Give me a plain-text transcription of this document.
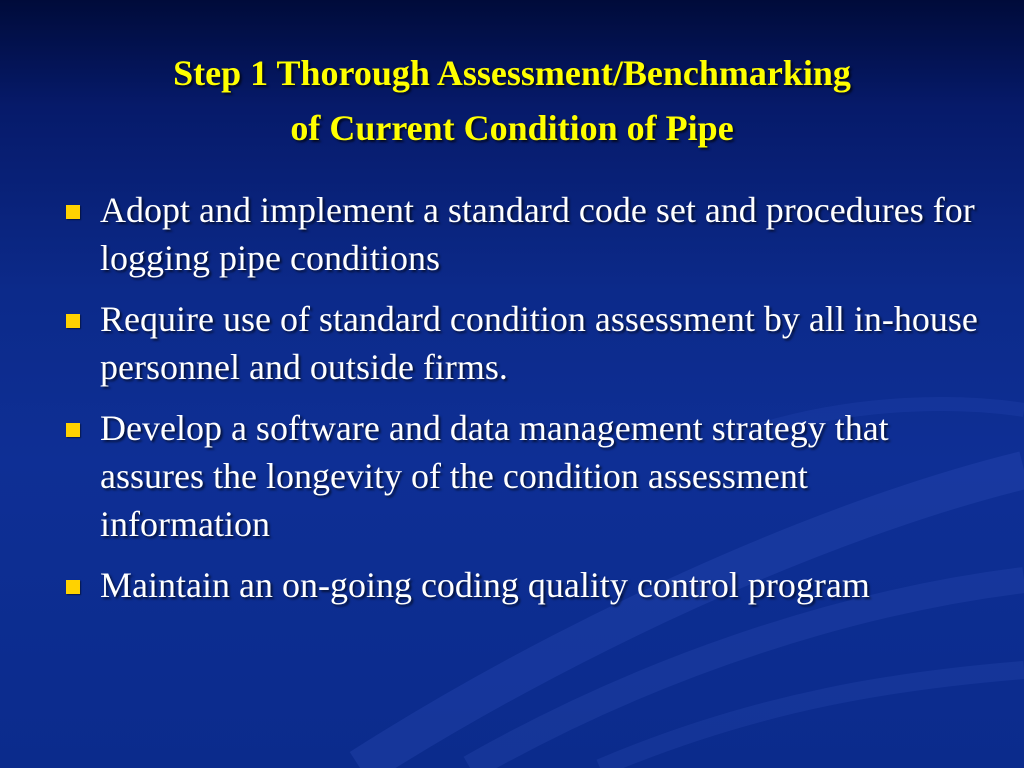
Step 1 Thorough Assessment/Benchmarking
of Current Condition of Pipe
Adopt and implement a standard code set and procedures for logging pipe conditions
Require use of standard condition assessment by all in-house personnel and outside firms.
Develop a software and data management strategy that assures the longevity of the condition assessment information
Maintain an on-going coding quality control program
